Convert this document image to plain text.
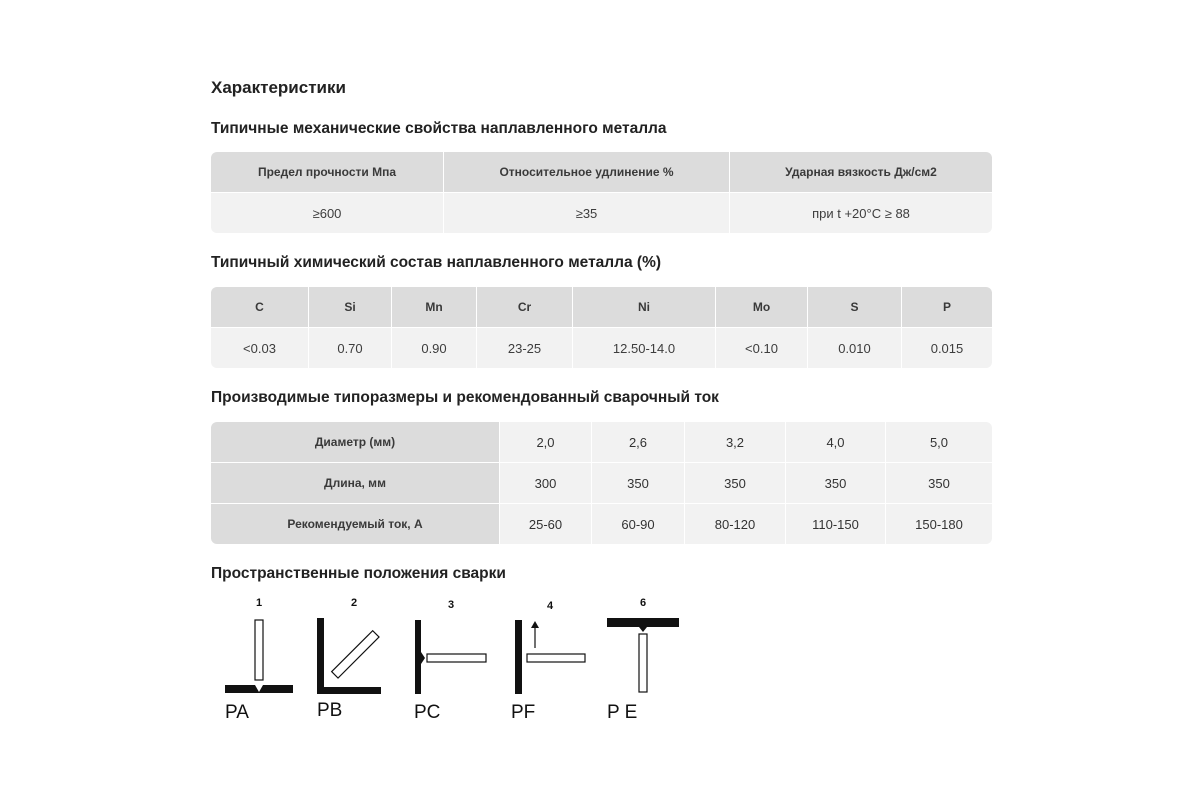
Характеристики
Типичные механические свойства наплавленного металла
Предел прочности Мпа	Относительное удлинение %	Ударная вязкость Дж/см2
≥600	≥35	при t +20°C ≥ 88
Типичный химический состав наплавленного металла (%)
C	Si	Mn	Cr	Ni	Mo	S	P
<0.03	0.70	0.90	23-25	12.50-14.0	<0.10	0.010	0.015
Производимые типоразмеры и рекомендованный сварочный ток
Диаметр (мм)	2,0	2,6	3,2	4,0	5,0
Длина, мм	300	350	350	350	350
Рекомендуемый ток, А	25-60	60-90	80-120	110-150	150-180
Пространственные положения сварки
1	2	3	4	6
PA	PB	PC	PF	P E
